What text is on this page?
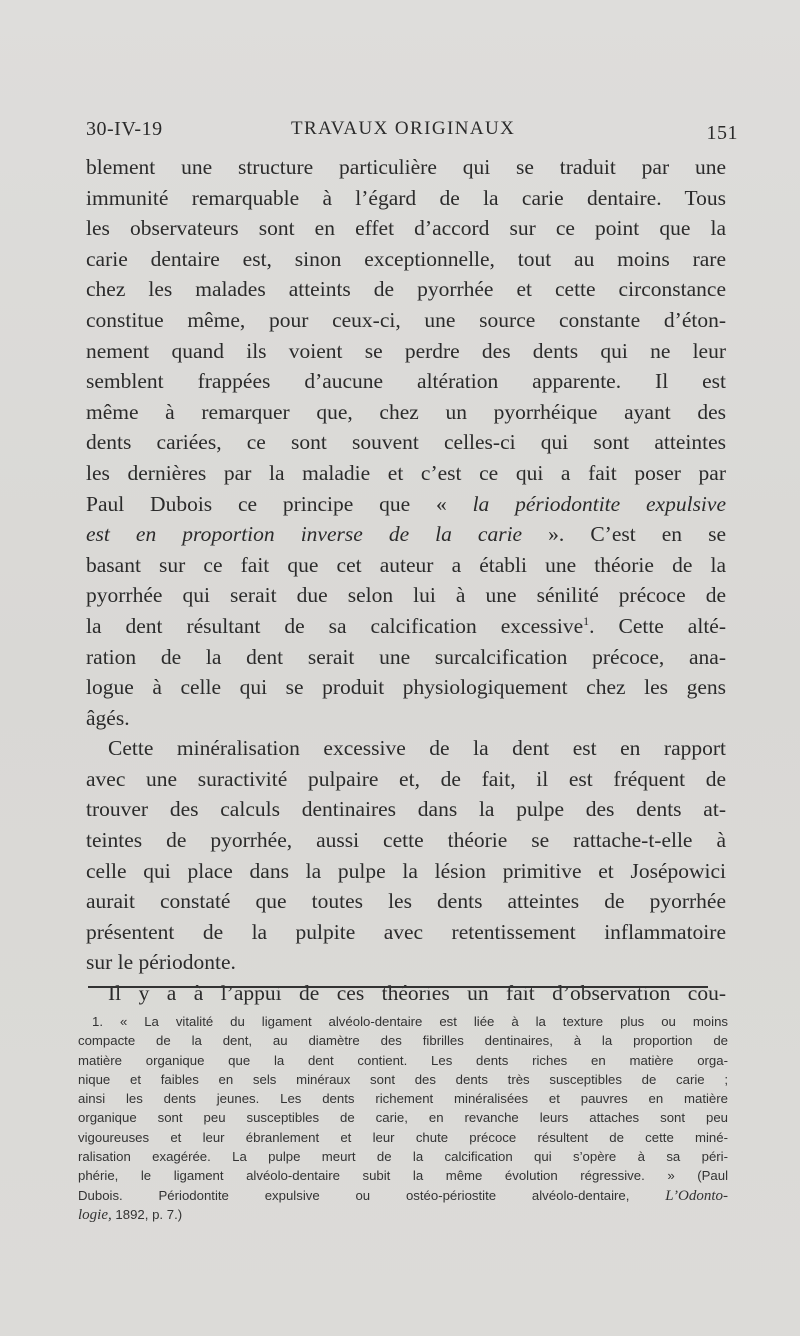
30-IV-19	TRAVAUX ORIGINAUX	151
blement une structure particulière qui se traduit par une
immunité remarquable à l’égard de la carie dentaire. Tous
les observateurs sont en effet d’accord sur ce point que la
carie dentaire est, sinon exceptionnelle, tout au moins rare
chez les malades atteints de pyorrhée et cette circonstance
constitue même, pour ceux-ci, une source constante d’éton-
nement quand ils voient se perdre des dents qui ne leur
semblent frappées d’aucune altération apparente. Il est
même à remarquer que, chez un pyorrhéique ayant des
dents cariées, ce sont souvent celles-ci qui sont atteintes
les dernières par la maladie et c’est ce qui a fait poser par
Paul Dubois ce principe que « la périodontite expulsive
est en proportion inverse de la carie ». C’est en se
basant sur ce fait que cet auteur a établi une théorie de la
pyorrhée qui serait due selon lui à une sénilité précoce de
la dent résultant de sa calcification excessive$^1$. Cette alté-
ration de la dent serait une surcalcification précoce, ana-
logue à celle qui se produit physiologiquement chez les gens
âgés.
Cette minéralisation excessive de la dent est en rapport
avec une suractivité pulpaire et, de fait, il est fréquent de
trouver des calculs dentinaires dans la pulpe des dents at-
teintes de pyorrhée, aussi cette théorie se rattache-t-elle à
celle qui place dans la pulpe la lésion primitive et Josépowici
aurait constaté que toutes les dents atteintes de pyorrhée
présentent de la pulpite avec retentissement inflammatoire
sur le périodonte.
Il y a à l’appui de ces théories un fait d’observation cou-
1. « La vitalité du ligament alvéolo-dentaire est liée à la texture plus ou moins
compacte de la dent, au diamètre des fibrilles dentinaires, à la proportion de
matière organique que la dent contient. Les dents riches en matière orga-
nique et faibles en sels minéraux sont des dents très susceptibles de carie ;
ainsi les dents jeunes. Les dents richement minéralisées et pauvres en matière
organique sont peu susceptibles de carie, en revanche leurs attaches sont peu
vigoureuses et leur ébranlement et leur chute précoce résultent de cette miné-
ralisation exagérée. La pulpe meurt de la calcification qui s’opère à sa péri-
phérie, le ligament alvéolo-dentaire subit la même évolution régressive. » (Paul
Dubois. Périodontite expulsive ou ostéo-périostite alvéolo-dentaire, L’Odonto-
logie, 1892, p. 7.)
